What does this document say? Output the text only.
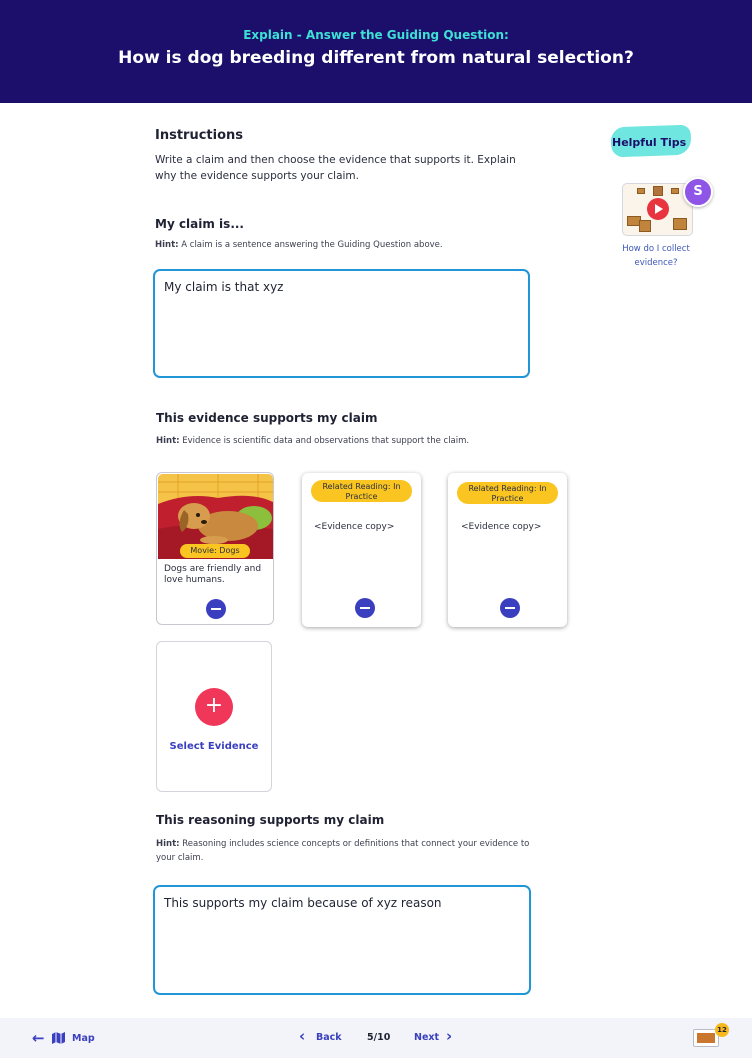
Explain - Answer the Guiding Question:
How is dog breeding different from natural selection?
Instructions
Write a claim and then choose the evidence that supports it. Explain why the evidence supports your claim.
Helpful Tips
S
How do I collect evidence?
My claim is...
Hint: A claim is a sentence answering the Guiding Question above.
My claim is that xyz
This evidence supports my claim
Hint: Evidence is scientific data and observations that support the claim.
Movie: Dogs
Dogs are friendly and love humans.
Related Reading: In Practice
<Evidence copy>
Related Reading: In Practice
<Evidence copy>
+
Select Evidence
This reasoning supports my claim
Hint: Reasoning includes science concepts or definitions that connect your evidence to your claim.
This supports my claim because of xyz reason
←	Map	‹ Back	5/10 Next ›	12
